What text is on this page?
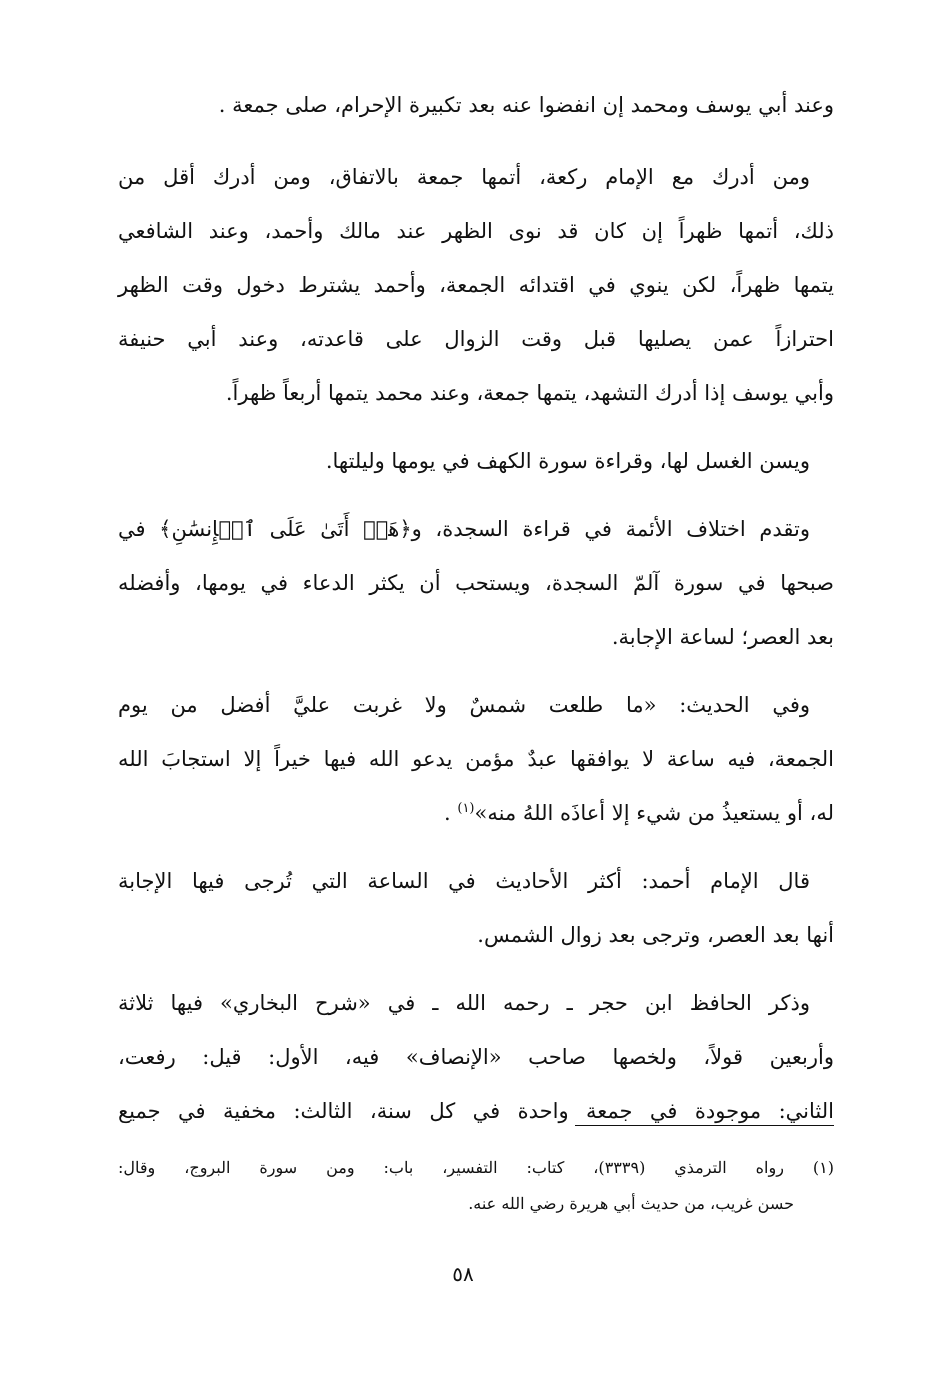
وعند أبي يوسف ومحمد إن انفضوا عنه بعد تكبيرة الإحرام، صلى جمعة .

ومن أدرك مع الإمام ركعة، أتمها جمعة بالاتفاق، ومن أدرك أقل من
ذلك، أتمها ظهراً إن كان قد نوى الظهر عند مالك وأحمد، وعند الشافعي
يتمها ظهراً، لكن ينوي في اقتدائه الجمعة، وأحمد يشترط دخول وقت الظهر
احترازاً عمن يصليها قبل وقت الزوال على قاعدته، وعند أبي حنيفة
وأبي يوسف إذا أدرك التشهد، يتمها جمعة، وعند محمد يتمها أربعاً ظهراً.

ويسن الغسل لها، وقراءة سورة الكهف في يومها وليلتها.

وتقدم اختلاف الأئمة في قراءة السجدة، و﴿هَلۡ أَتَىٰ عَلَى ٱلۡإِنسَٰنِ﴾ في
صبحها في سورة آلمّ السجدة، ويستحب أن يكثر الدعاء في يومها، وأفضله
بعد العصر؛ لساعة الإجابة.

وفي الحديث: «ما طلعت شمسٌ ولا غربت عليَّ أفضل من يوم
الجمعة، فيه ساعة لا يوافقها عبدٌ مؤمن يدعو الله فيها خيراً إلا استجابَ الله
له، أو يستعيذُ من شيء إلا أعاذَه اللهُ منه»$^{(١)}$ .

قال الإمام أحمد: أكثر الأحاديث في الساعة التي تُرجى فيها الإجابة
أنها بعد العصر، وترجى بعد زوال الشمس.

وذكر الحافظ ابن حجر ـ رحمه الله ـ في «شرح البخاري» فيها ثلاثة
وأربعين قولاً، ولخصها صاحب «الإنصاف» فيه، الأول: قيل: رفعت،
الثاني: موجودة في جمعة واحدة في كل سنة، الثالث: مخفية في جميع

(١) رواه الترمذي (٣٣٣٩)، كتاب: التفسير، باب: ومن سورة البروج، وقال:
حسن غريب، من حديث أبي هريرة رضي الله عنه.
٥٨
